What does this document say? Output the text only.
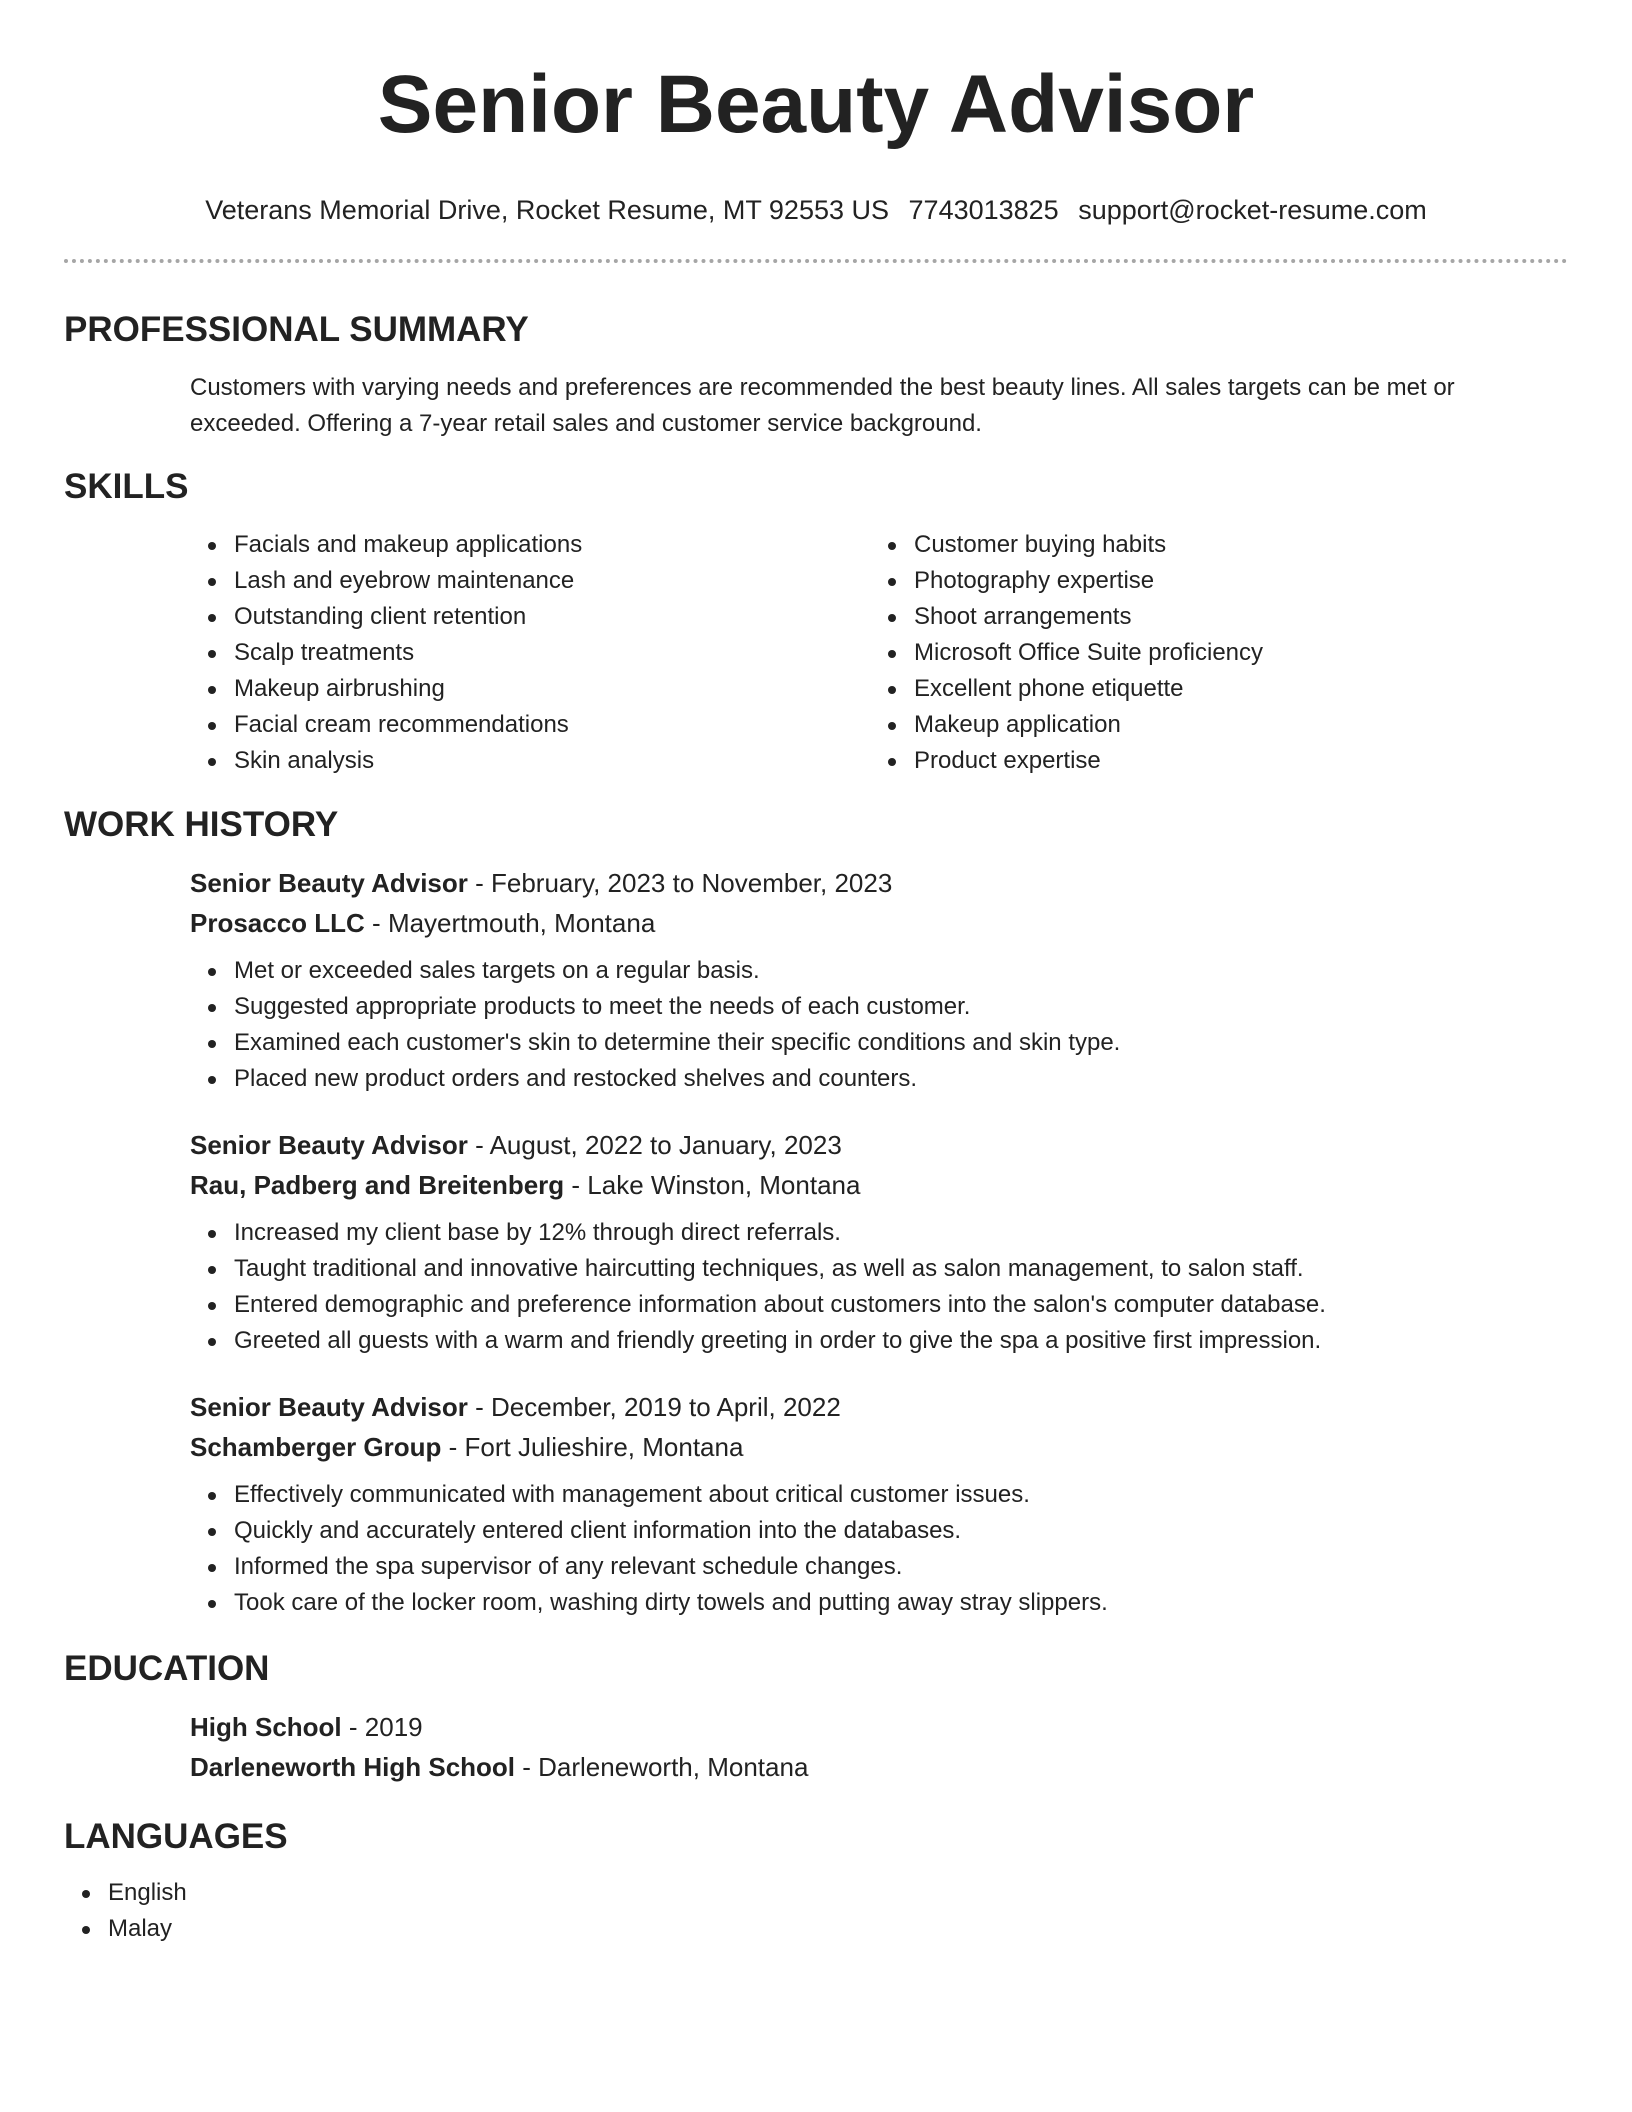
Senior Beauty Advisor
Veterans Memorial Drive, Rocket Resume, MT 92553 US 7743013825 support@rocket-resume.com
PROFESSIONAL SUMMARY
Customers with varying needs and preferences are recommended the best beauty lines. All sales targets can be met or exceeded. Offering a 7-year retail sales and customer service background.
SKILLS
Facials and makeup applications
Lash and eyebrow maintenance
Outstanding client retention
Scalp treatments
Makeup airbrushing
Facial cream recommendations
Skin analysis
Customer buying habits
Photography expertise
Shoot arrangements
Microsoft Office Suite proficiency
Excellent phone etiquette
Makeup application
Product expertise
WORK HISTORY
Senior Beauty Advisor - February, 2023 to November, 2023
Prosacco LLC - Mayertmouth, Montana
Met or exceeded sales targets on a regular basis.
Suggested appropriate products to meet the needs of each customer.
Examined each customer's skin to determine their specific conditions and skin type.
Placed new product orders and restocked shelves and counters.
Senior Beauty Advisor - August, 2022 to January, 2023
Rau, Padberg and Breitenberg - Lake Winston, Montana
Increased my client base by 12% through direct referrals.
Taught traditional and innovative haircutting techniques, as well as salon management, to salon staff.
Entered demographic and preference information about customers into the salon's computer database.
Greeted all guests with a warm and friendly greeting in order to give the spa a positive first impression.
Senior Beauty Advisor - December, 2019 to April, 2022
Schamberger Group - Fort Julieshire, Montana
Effectively communicated with management about critical customer issues.
Quickly and accurately entered client information into the databases.
Informed the spa supervisor of any relevant schedule changes.
Took care of the locker room, washing dirty towels and putting away stray slippers.
EDUCATION
High School - 2019
Darleneworth High School - Darleneworth, Montana
LANGUAGES
English
Malay
